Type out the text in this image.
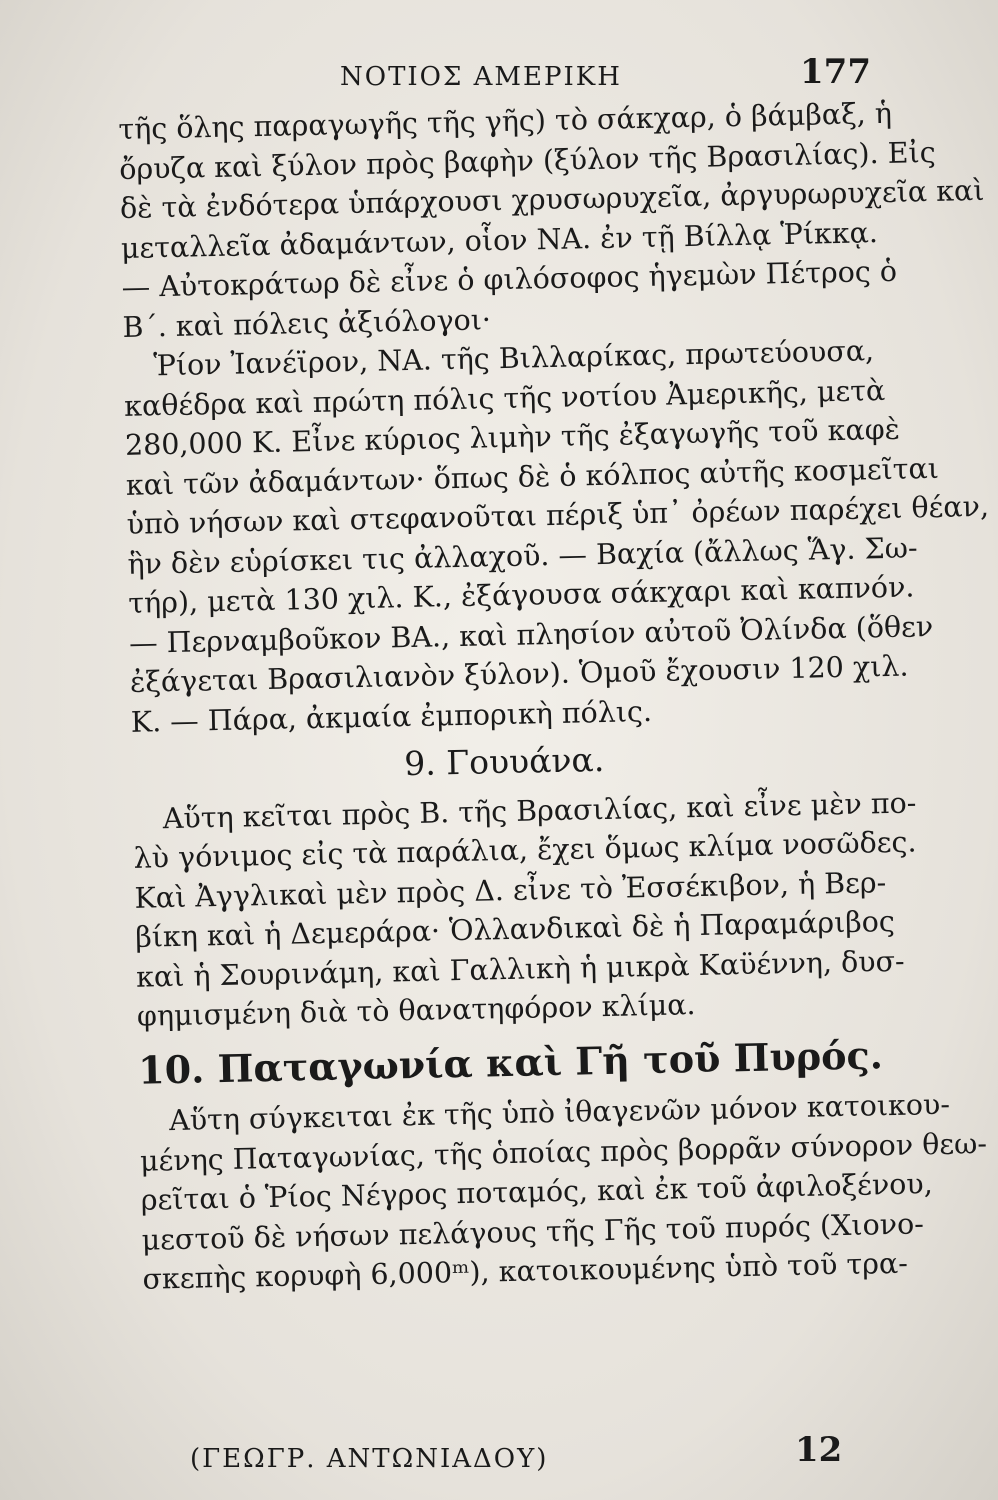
ΝΟΤΙΟΣ ΑΜΕΡΙΚΗ	177
τῆς ὅλης παραγωγῆς τῆς γῆς) τὸ σάκχαρ, ὁ βάμβαξ, ἡ
ὄρυζα καὶ ξύλον πρὸς βαφὴν (ξύλον τῆς Βρασιλίας). Εἰς
δὲ τὰ ἐνδότερα ὑπάρχουσι χρυσωρυχεῖα, ἀργυρωρυχεῖα καὶ
μεταλλεῖα ἀδαμάντων, οἷον ΝΑ. ἐν τῇ Βίλλᾳ Ῥίκκᾳ.
— Αὐτοκράτωρ δὲ εἶνε ὁ φιλόσοφος ἡγεμὼν Πέτρος ὁ
Β΄. καὶ πόλεις ἀξιόλογοι·
Ῥίον Ἰανέϊρον, ΝΑ. τῆς Βιλλαρίκας, πρωτεύουσα,
καθέδρα καὶ πρώτη πόλις τῆς νοτίου Ἀμερικῆς, μετὰ
280,000 Κ. Εἶνε κύριος λιμὴν τῆς ἐξαγωγῆς τοῦ καφὲ
καὶ τῶν ἀδαμάντων· ὅπως δὲ ὁ κόλπος αὐτῆς κοσμεῖται
ὑπὸ νήσων καὶ στεφανοῦται πέριξ ὑπ᾽ ὀρέων παρέχει θέαν,
ἣν δὲν εὑρίσκει τις ἀλλαχοῦ. — Βαχία (ἄλλως Ἅγ. Σω-
τήρ), μετὰ 130 χιλ. Κ., ἐξάγουσα σάκχαρι καὶ καπνόν.
— Περναμβοῦκον ΒΑ., καὶ πλησίον αὐτοῦ Ὀλίνδα (ὅθεν
ἐξάγεται Βρασιλιανὸν ξύλον). Ὁμοῦ ἔχουσιν 120 χιλ.
Κ. — Πάρα, ἀκμαία ἐμπορικὴ πόλις.
9. Γουυάνα.
Αὕτη κεῖται πρὸς Β. τῆς Βρασιλίας, καὶ εἶνε μὲν πο-
λὺ γόνιμος εἰς τὰ παράλια, ἔχει ὅμως κλίμα νοσῶδες.
Καὶ Ἀγγλικαὶ μὲν πρὸς Δ. εἶνε τὸ Ἐσσέκιβον, ἡ Βερ-
βίκη καὶ ἡ Δεμεράρα· Ὁλλανδικαὶ δὲ ἡ Παραμάριβος
καὶ ἡ Σουρινάμη, καὶ Γαλλικὴ ἡ μικρὰ Καϋέννη, δυσ-
φημισμένη διὰ τὸ θανατηφόρον κλίμα.
10. Παταγωνία καὶ Γῆ τοῦ Πυρός.
Αὕτη σύγκειται ἐκ τῆς ὑπὸ ἰθαγενῶν μόνον κατοικου-
μένης Παταγωνίας, τῆς ὁποίας πρὸς βορρᾶν σύνορον θεω-
ρεῖται ὁ Ῥίος Νέγρος ποταμός, καὶ ἐκ τοῦ ἀφιλοξένου,
μεστοῦ δὲ νήσων πελάγους τῆς Γῆς τοῦ πυρός (Χιονο-
σκεπὴς κορυφὴ 6,000ᵐ), κατοικουμένης ὑπὸ τοῦ τρα-
(ΓΕΩΓΡ. ΑΝΤΩΝΙΑΔΟΥ)	12
